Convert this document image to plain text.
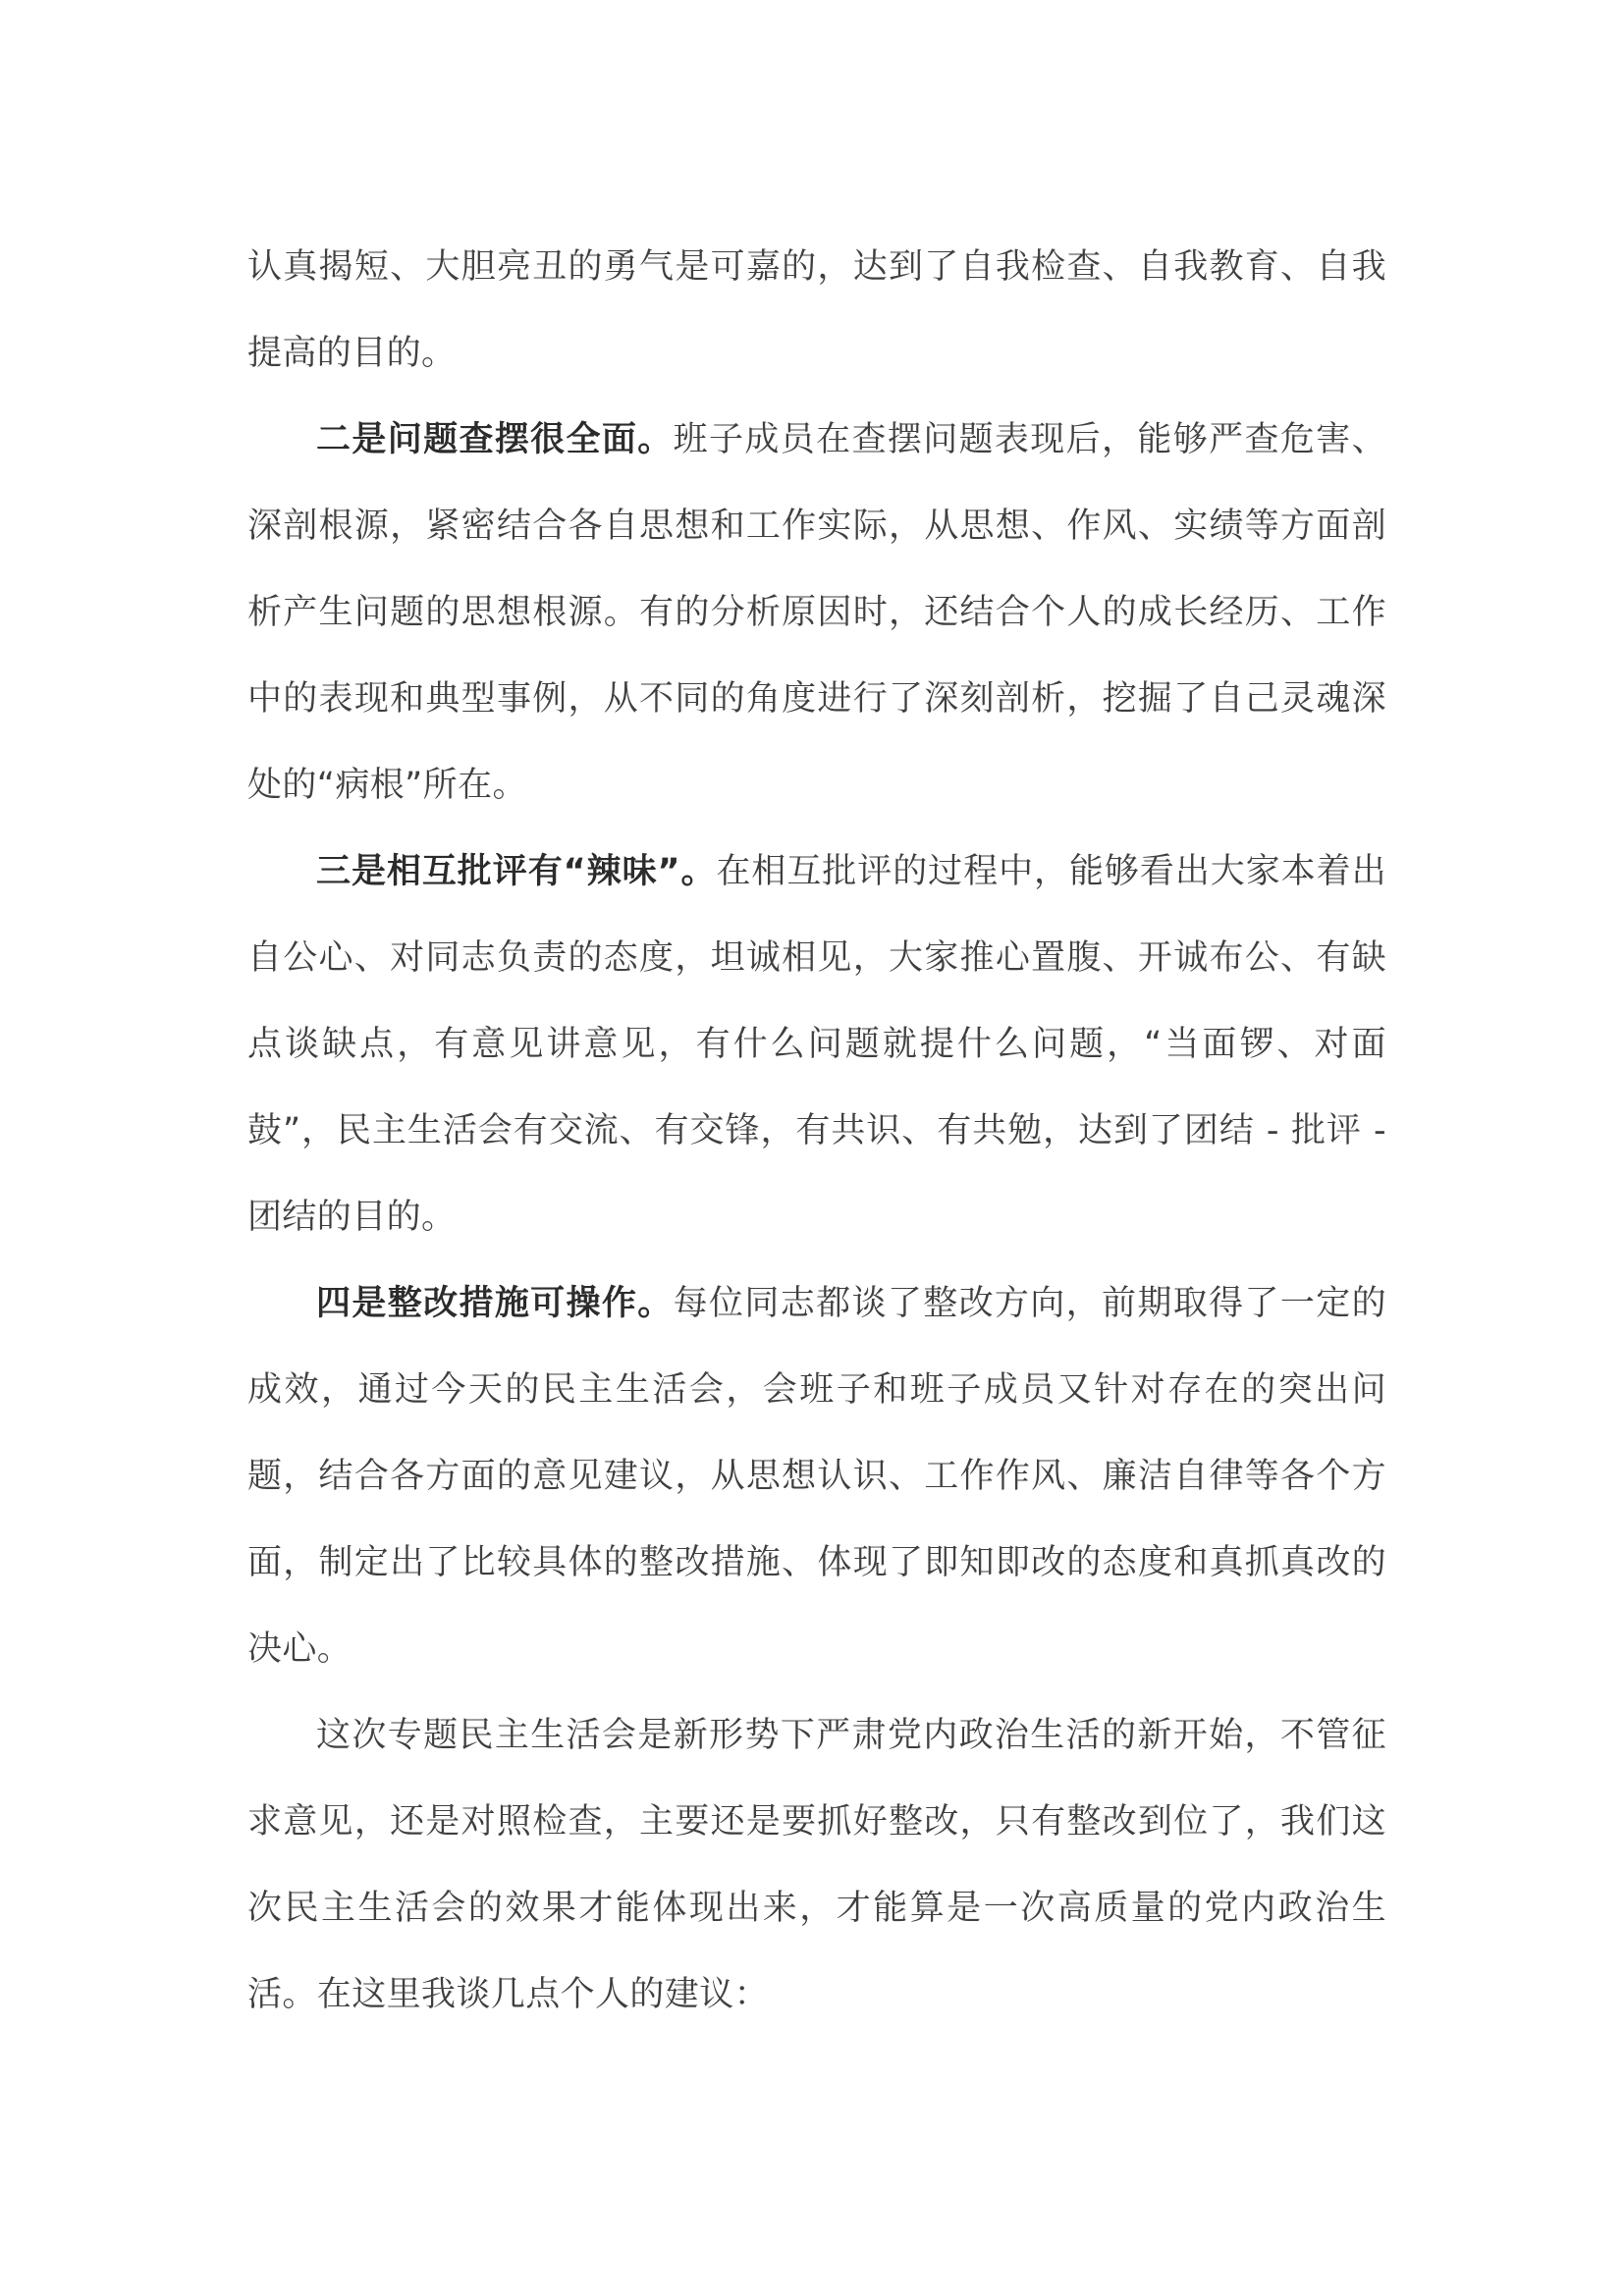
认真揭短、大胆亮丑的勇气是可嘉的，达到了自我检查、自我教育、自我提高的目的。

二是问题查摆很全面。班子成员在查摆问题表现后，能够严查危害、深剖根源，紧密结合各自思想和工作实际，从思想、作风、实绩等方面剖析产生问题的思想根源。有的分析原因时，还结合个人的成长经历、工作中的表现和典型事例，从不同的角度进行了深刻剖析，挖掘了自己灵魂深处的“病根”所在。

三是相互批评有“辣味”。在相互批评的过程中，能够看出大家本着出自公心、对同志负责的态度，坦诚相见，大家推心置腹、开诚布公、有缺点谈缺点，有意见讲意见，有什么问题就提什么问题，“当面锣、对面鼓”，民主生活会有交流、有交锋，有共识、有共勉，达到了团结 - 批评 - 团结的目的。

四是整改措施可操作。每位同志都谈了整改方向，前期取得了一定的成效，通过今天的民主生活会，会班子和班子成员又针对存在的突出问题，结合各方面的意见建议，从思想认识、工作作风、廉洁自律等各个方面，制定出了比较具体的整改措施、体现了即知即改的态度和真抓真改的决心。

这次专题民主生活会是新形势下严肃党内政治生活的新开始，不管征求意见，还是对照检查，主要还是要抓好整改，只有整改到位了，我们这次民主生活会的效果才能体现出来，才能算是一次高质量的党内政治生活。在这里我谈几点个人的建议：
